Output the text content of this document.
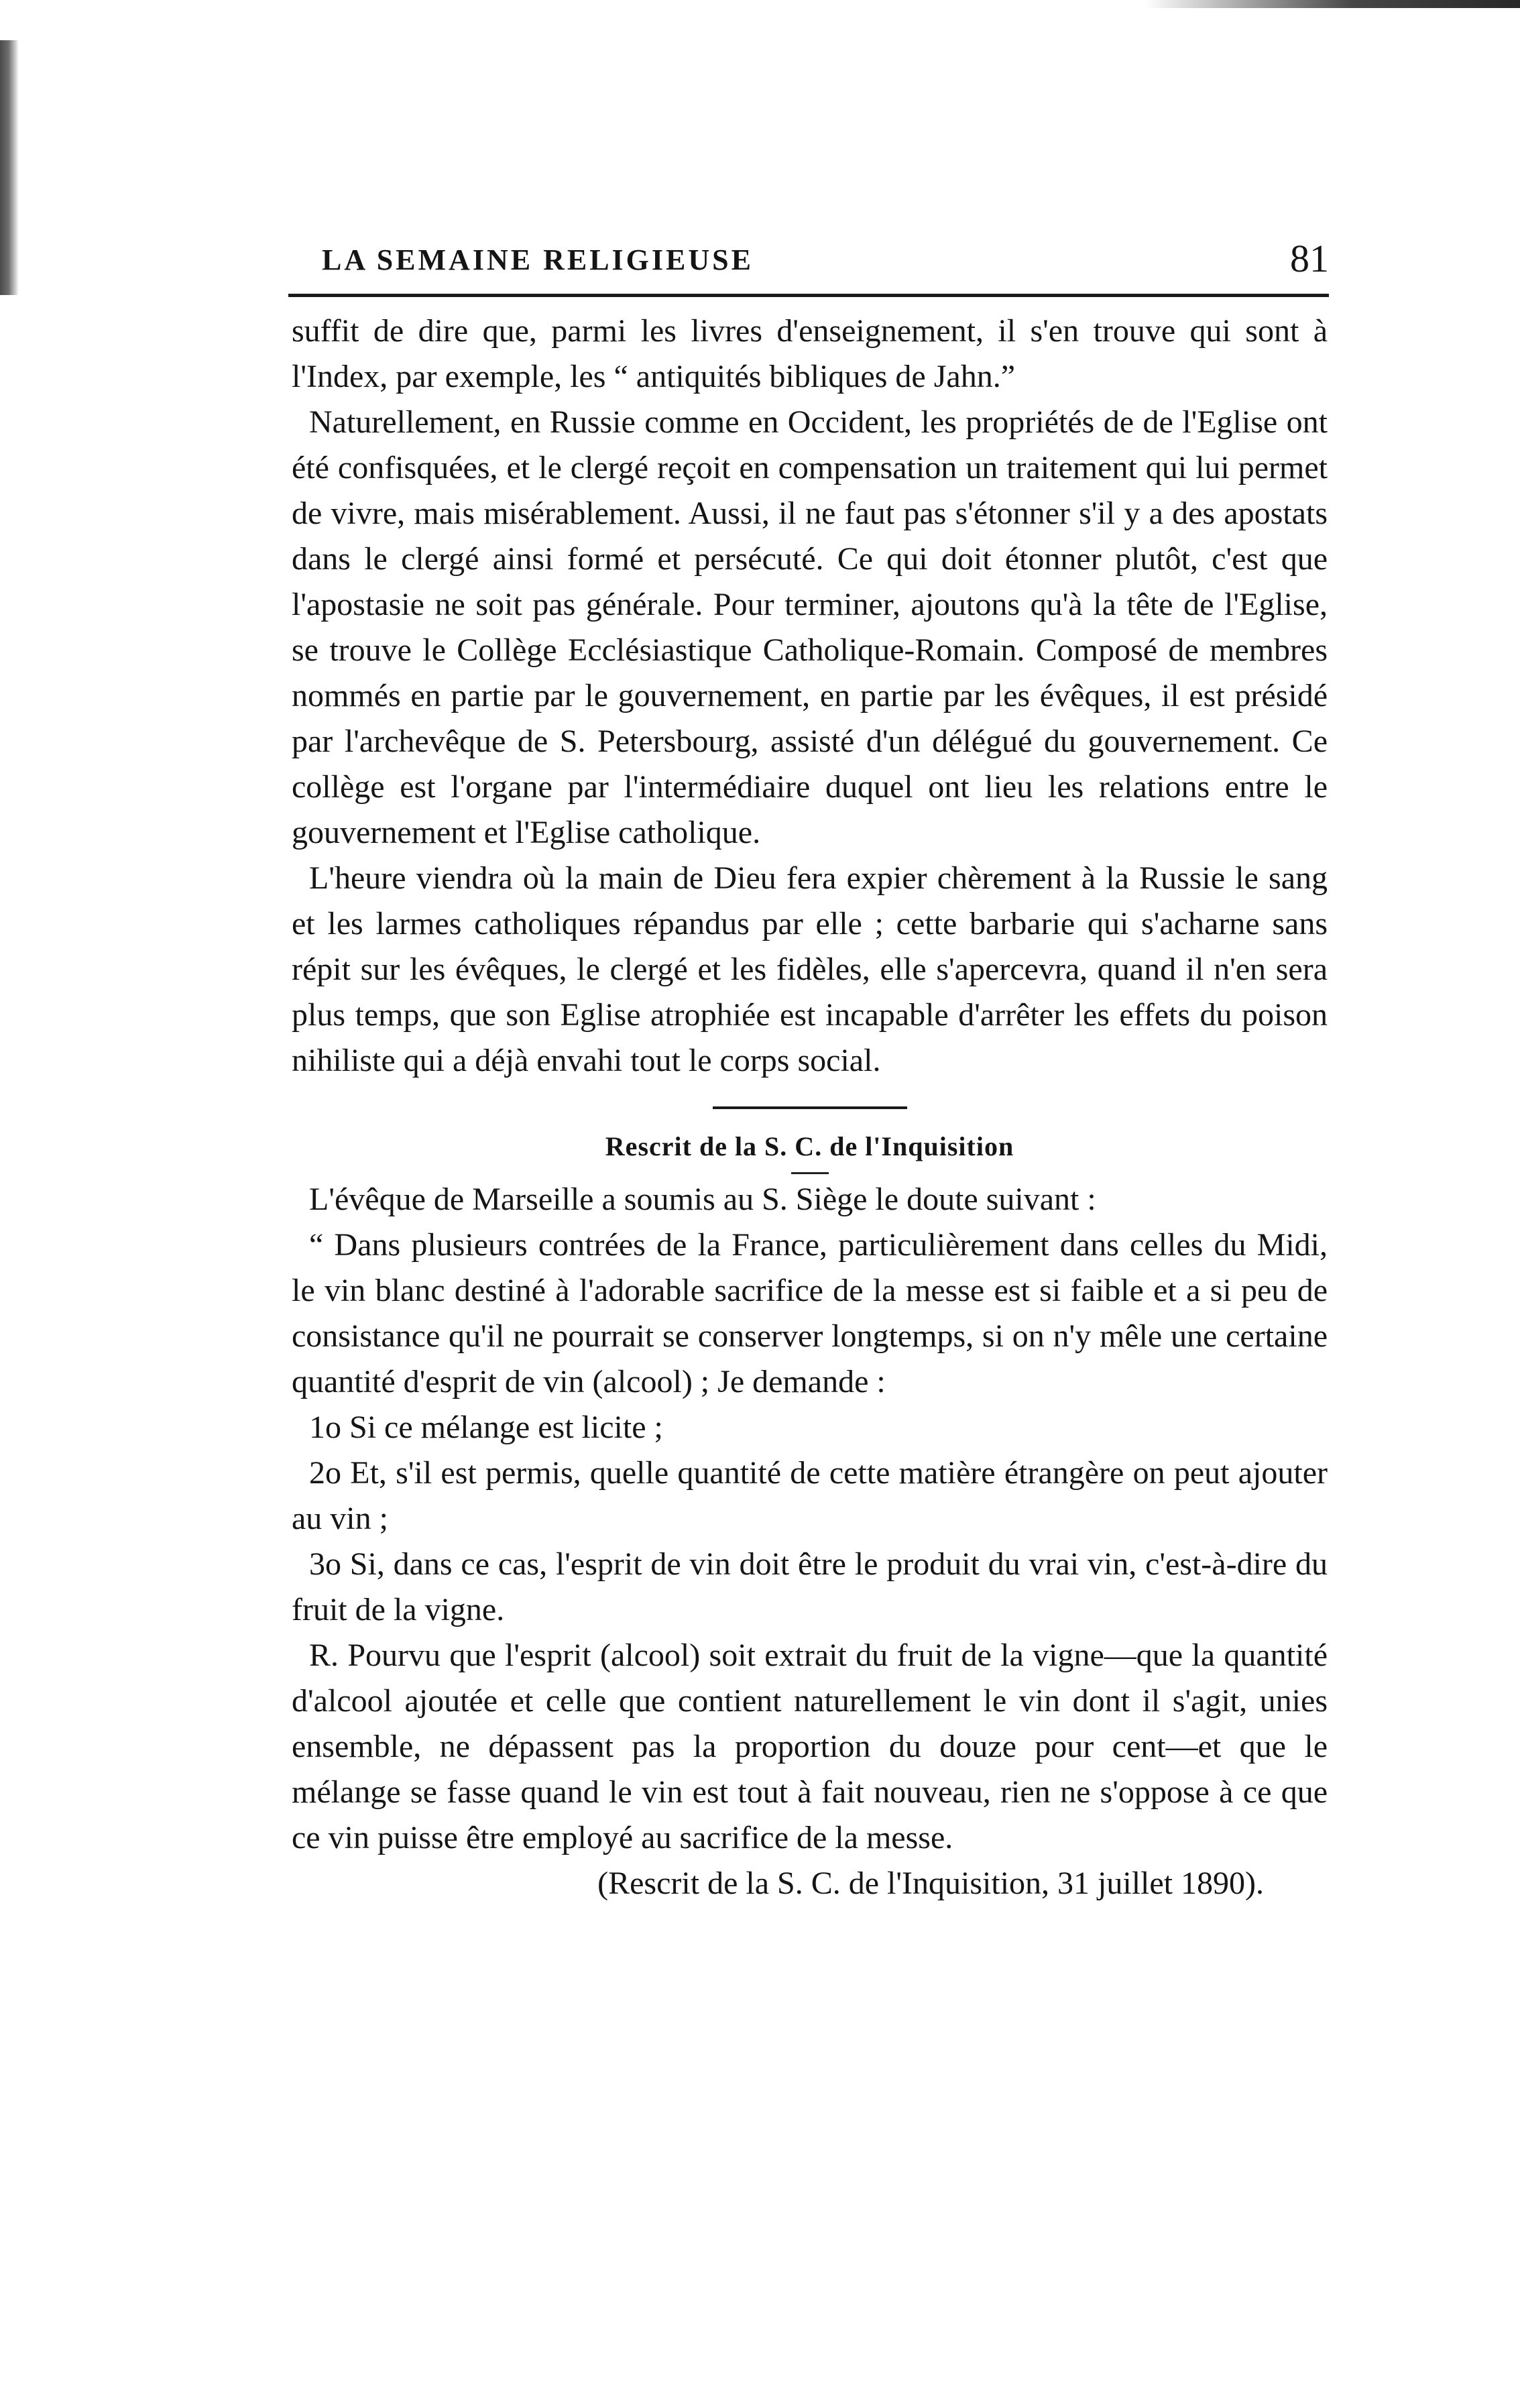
LA SEMAINE RELIGIEUSE	81

suffit de dire que, parmi les livres d'enseignement, il s'en trouve qui sont à l'Index, par exemple, les “ antiquités bibliques de Jahn.”

Naturellement, en Russie comme en Occident, les propriétés de de l'Eglise ont été confisquées, et le clergé reçoit en compensation un traitement qui lui permet de vivre, mais misérablement. Aussi, il ne faut pas s'étonner s'il y a des apostats dans le clergé ainsi formé et persécuté. Ce qui doit étonner plutôt, c'est que l'apostasie ne soit pas générale. Pour terminer, ajoutons qu'à la tête de l'Eglise, se trouve le Collège Ecclésiastique Catholique-Romain. Composé de membres nommés en partie par le gouvernement, en partie par les évêques, il est présidé par l'archevêque de S. Petersbourg, assisté d'un délégué du gouvernement. Ce collège est l'organe par l'intermédiaire duquel ont lieu les relations entre le gouvernement et l'Eglise catholique.

L'heure viendra où la main de Dieu fera expier chèrement à la Russie le sang et les larmes catholiques répandus par elle ; cette barbarie qui s'acharne sans répit sur les évêques, le clergé et les fidèles, elle s'apercevra, quand il n'en sera plus temps, que son Eglise atrophiée est incapable d'arrêter les effets du poison nihiliste qui a déjà envahi tout le corps social.

Rescrit de la S. C. de l'Inquisition

L'évêque de Marseille a soumis au S. Siège le doute suivant :

“ Dans plusieurs contrées de la France, particulièrement dans celles du Midi, le vin blanc destiné à l'adorable sacrifice de la messe est si faible et a si peu de consistance qu'il ne pourrait se conserver longtemps, si on n'y mêle une certaine quantité d'esprit de vin (alcool) ; Je demande :

1o Si ce mélange est licite ;

2o Et, s'il est permis, quelle quantité de cette matière étrangère on peut ajouter au vin ;

3o Si, dans ce cas, l'esprit de vin doit être le produit du vrai vin, c'est-à-dire du fruit de la vigne.

R. Pourvu que l'esprit (alcool) soit extrait du fruit de la vigne—que la quantité d'alcool ajoutée et celle que contient naturellement le vin dont il s'agit, unies ensemble, ne dépassent pas la proportion du douze pour cent—et que le mélange se fasse quand le vin est tout à fait nouveau, rien ne s'oppose à ce que ce vin puisse être employé au sacrifice de la messe.

(Rescrit de la S. C. de l'Inquisition, 31 juillet 1890).
